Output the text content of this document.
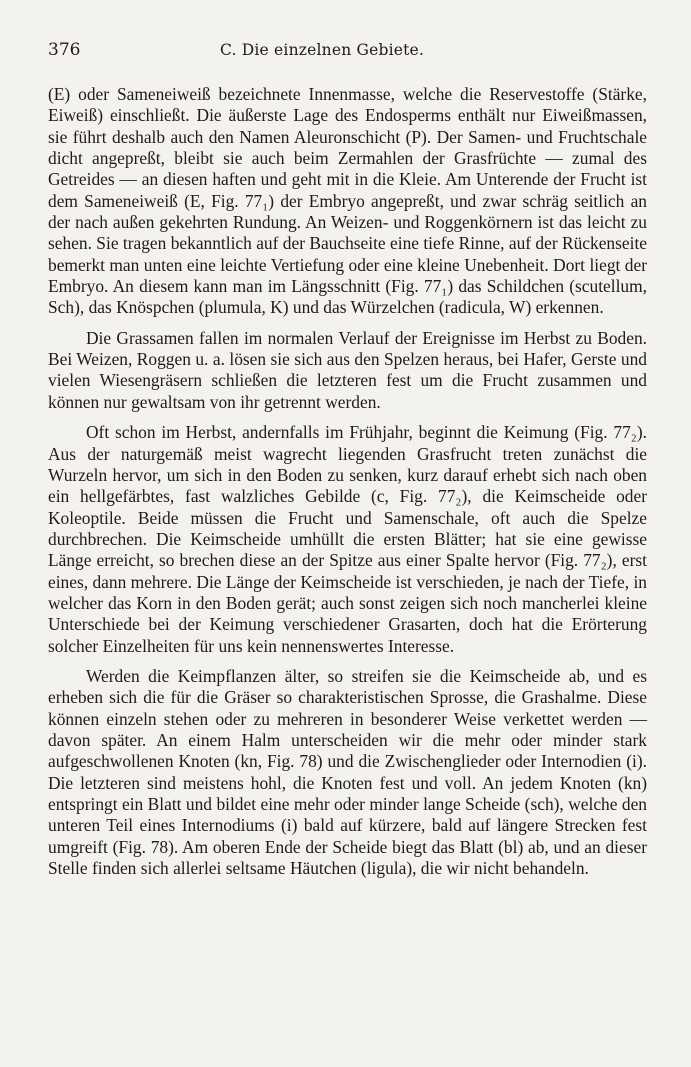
376	C. Die einzelnen Gebiete.

(E) oder Sameneiweiß bezeichnete Innenmasse, welche die Reservestoffe (Stärke, Eiweiß) einschließt. Die äußerste Lage des Endosperms enthält nur Eiweißmassen, sie führt deshalb auch den Namen Aleuronschicht (P). Der Samen- und Fruchtschale dicht angepreßt, bleibt sie auch beim Zermahlen der Grasfrüchte — zumal des Getreides — an diesen haften und geht mit in die Kleie. Am Unterende der Frucht ist dem Sameneiweiß (E, Fig. 77₁) der Embryo angepreßt, und zwar schräg seitlich an der nach außen gekehrten Rundung. An Weizen- und Roggenkörnern ist das leicht zu sehen. Sie tragen bekanntlich auf der Bauchseite eine tiefe Rinne, auf der Rückenseite bemerkt man unten eine leichte Vertiefung oder eine kleine Unebenheit. Dort liegt der Embryo. An diesem kann man im Längsschnitt (Fig. 77₁) das Schildchen (scutellum, Sch), das Knöspchen (plumula, K) und das Würzelchen (radicula, W) erkennen.

Die Grassamen fallen im normalen Verlauf der Ereignisse im Herbst zu Boden. Bei Weizen, Roggen u. a. lösen sie sich aus den Spelzen heraus, bei Hafer, Gerste und vielen Wiesengräsern schließen die letzteren fest um die Frucht zusammen und können nur gewaltsam von ihr getrennt werden.

Oft schon im Herbst, andernfalls im Frühjahr, beginnt die Keimung (Fig. 77₂). Aus der naturgemäß meist wagrecht liegenden Grasfrucht treten zunächst die Wurzeln hervor, um sich in den Boden zu senken, kurz darauf erhebt sich nach oben ein hellgefärbtes, fast walzliches Gebilde (c, Fig. 77₂), die Keimscheide oder Koleoptile. Beide müssen die Frucht und Samenschale, oft auch die Spelze durchbrechen. Die Keimscheide umhüllt die ersten Blätter; hat sie eine gewisse Länge erreicht, so brechen diese an der Spitze aus einer Spalte hervor (Fig. 77₂), erst eines, dann mehrere. Die Länge der Keimscheide ist verschieden, je nach der Tiefe, in welcher das Korn in den Boden gerät; auch sonst zeigen sich noch mancherlei kleine Unterschiede bei der Keimung verschiedener Grasarten, doch hat die Erörterung solcher Einzelheiten für uns kein nennenswertes Interesse.

Werden die Keimpflanzen älter, so streifen sie die Keimscheide ab, und es erheben sich die für die Gräser so charakteristischen Sprosse, die Grashalme. Diese können einzeln stehen oder zu mehreren in besonderer Weise verkettet werden — davon später. An einem Halm unterscheiden wir die mehr oder minder stark aufgeschwollenen Knoten (kn, Fig. 78) und die Zwischenglieder oder Internodien (i). Die letzteren sind meistens hohl, die Knoten fest und voll. An jedem Knoten (kn) entspringt ein Blatt und bildet eine mehr oder minder lange Scheide (sch), welche den unteren Teil eines Internodiums (i) bald auf kürzere, bald auf längere Strecken fest umgreift (Fig. 78). Am oberen Ende der Scheide biegt das Blatt (bl) ab, und an dieser Stelle finden sich allerlei seltsame Häutchen (ligula), die wir nicht behandeln.
